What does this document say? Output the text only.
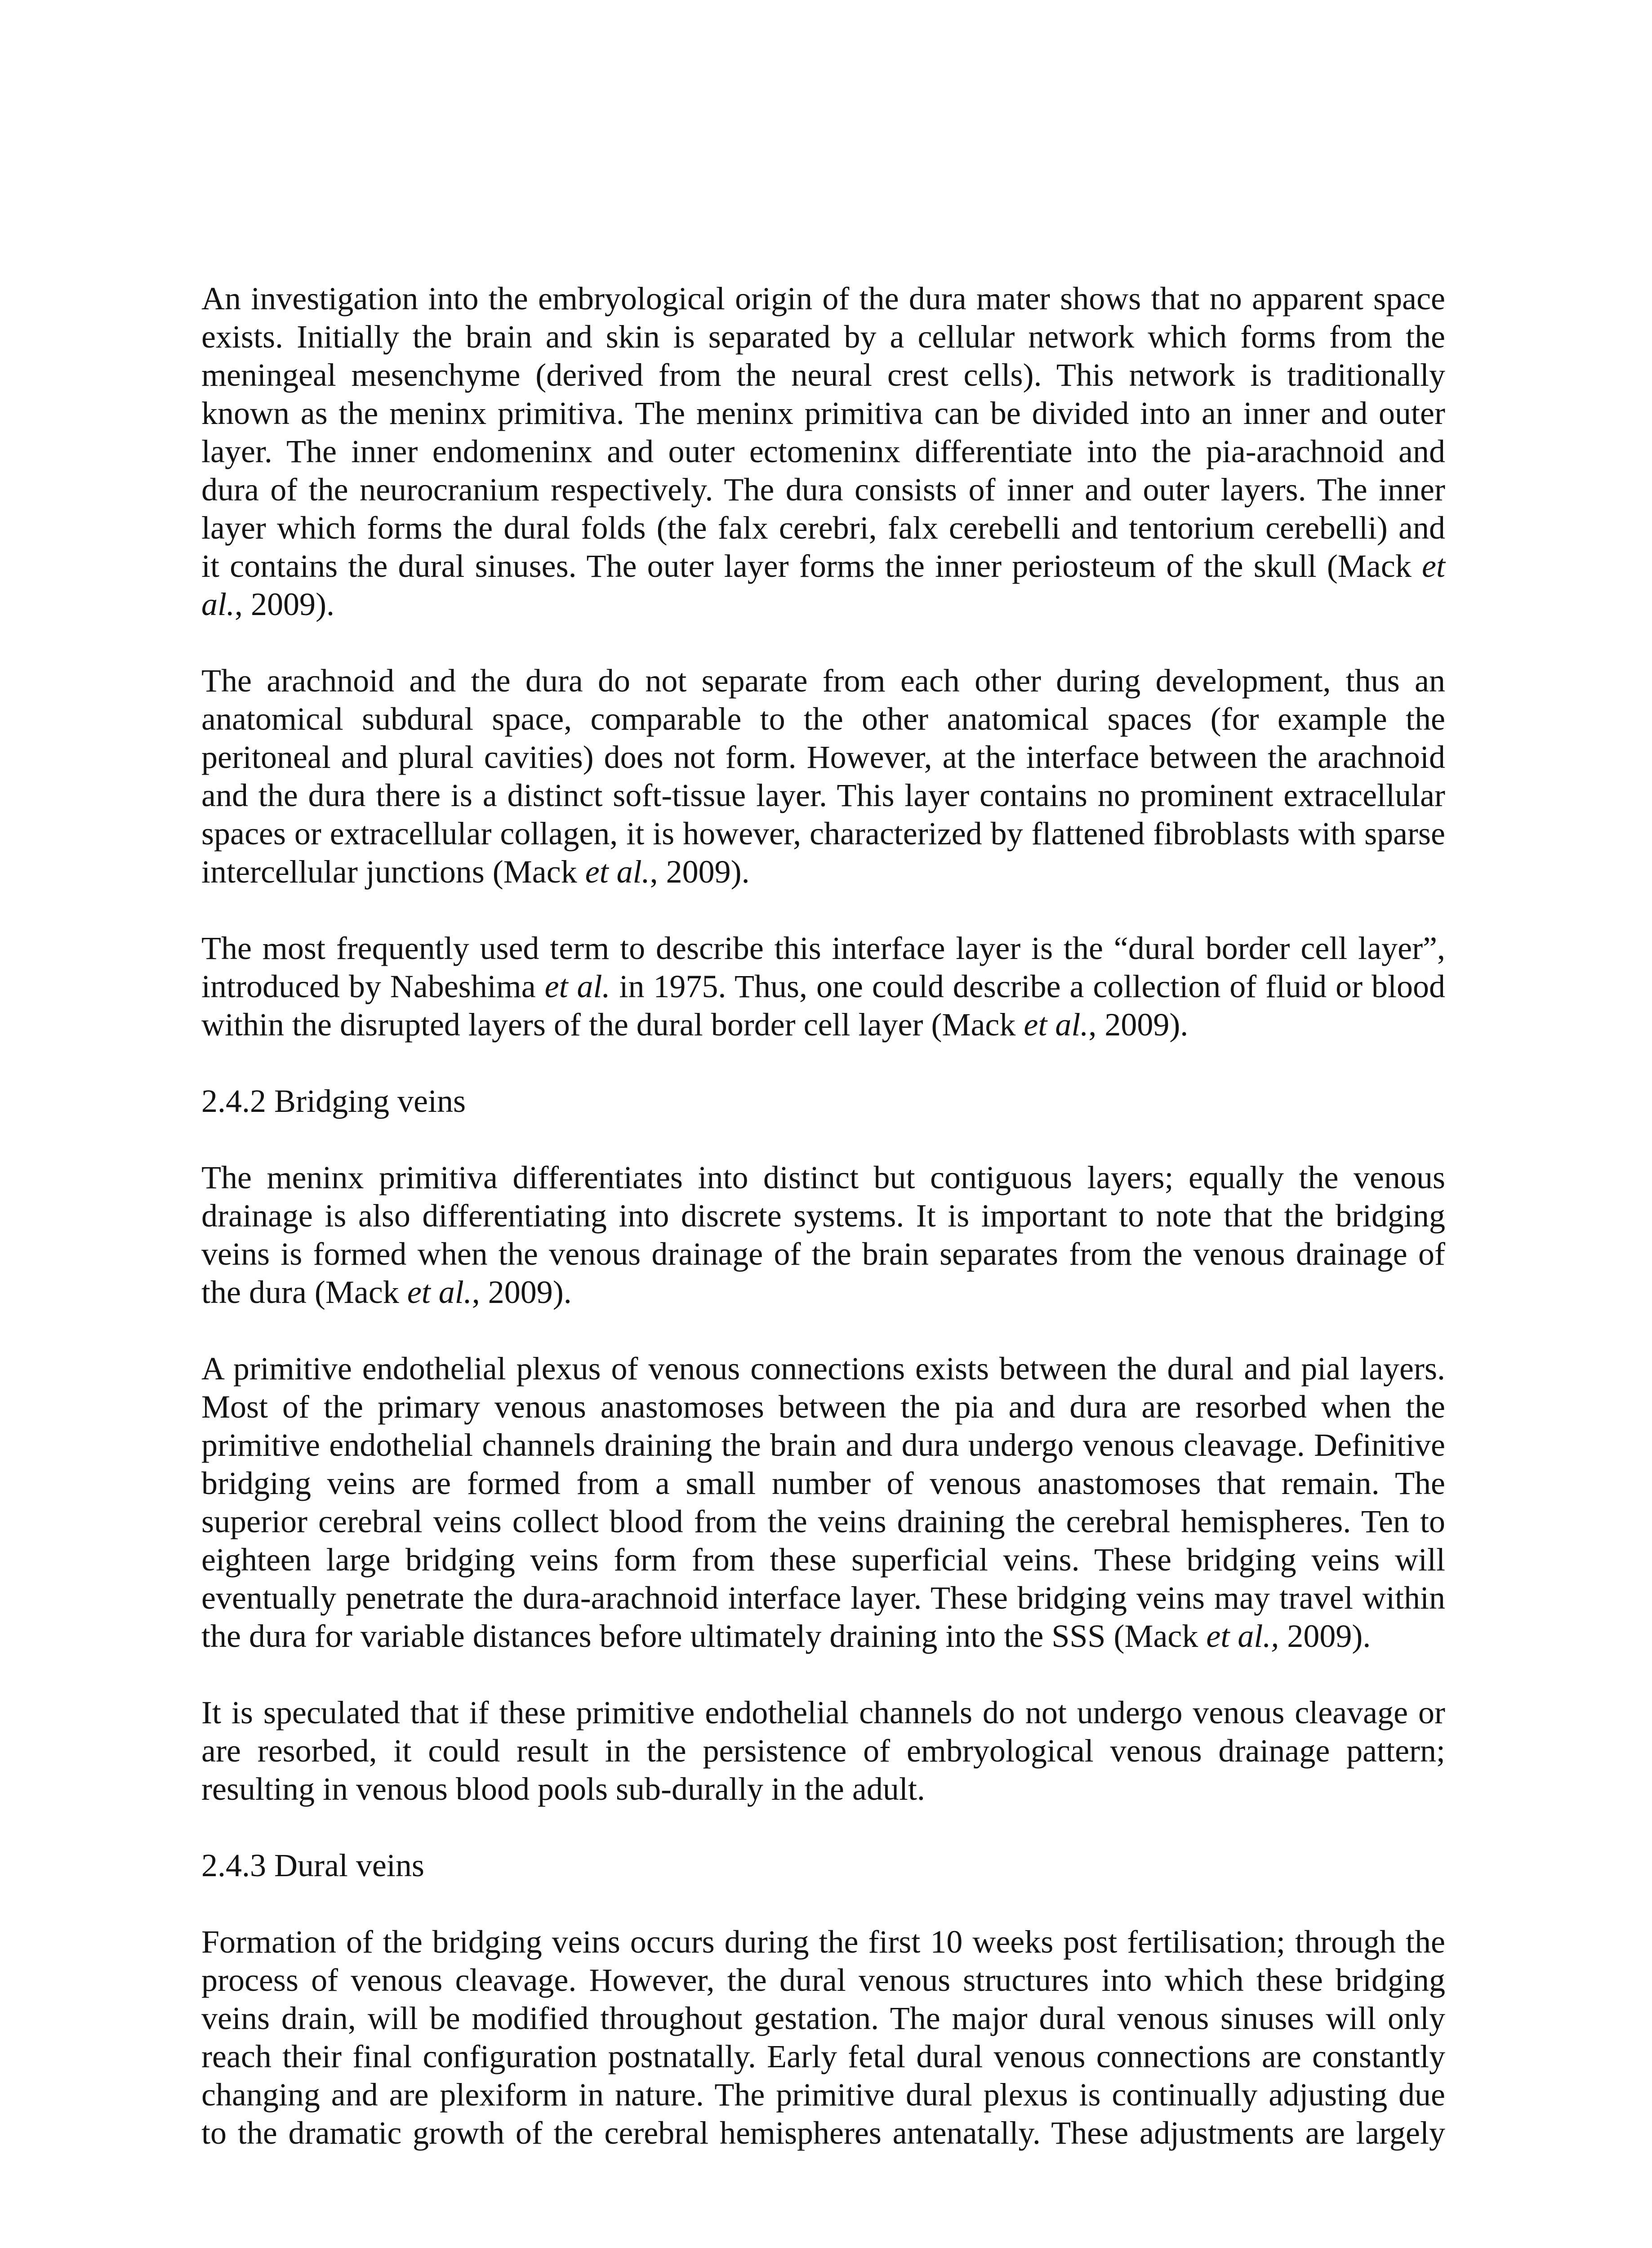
An investigation into the embryological origin of the dura mater shows that no apparent space
exists. Initially the brain and skin is separated by a cellular network which forms from the
meningeal mesenchyme (derived from the neural crest cells). This network is traditionally
known as the meninx primitiva. The meninx primitiva can be divided into an inner and outer
layer. The inner endomeninx and outer ectomeninx differentiate into the pia-arachnoid and
dura of the neurocranium respectively. The dura consists of inner and outer layers. The inner
layer which forms the dural folds (the falx cerebri, falx cerebelli and tentorium cerebelli) and
it contains the dural sinuses. The outer layer forms the inner periosteum of the skull (Mack et
al., 2009).
The arachnoid and the dura do not separate from each other during development, thus an
anatomical subdural space, comparable to the other anatomical spaces (for example the
peritoneal and plural cavities) does not form. However, at the interface between the arachnoid
and the dura there is a distinct soft-tissue layer. This layer contains no prominent extracellular
spaces or extracellular collagen, it is however, characterized by flattened fibroblasts with sparse
intercellular junctions (Mack et al., 2009).
The most frequently used term to describe this interface layer is the “dural border cell layer”,
introduced by Nabeshima et al. in 1975. Thus, one could describe a collection of fluid or blood
within the disrupted layers of the dural border cell layer (Mack et al., 2009).
2.4.2 Bridging veins
The meninx primitiva differentiates into distinct but contiguous layers; equally the venous
drainage is also differentiating into discrete systems. It is important to note that the bridging
veins is formed when the venous drainage of the brain separates from the venous drainage of
the dura (Mack et al., 2009).
A primitive endothelial plexus of venous connections exists between the dural and pial layers.
Most of the primary venous anastomoses between the pia and dura are resorbed when the
primitive endothelial channels draining the brain and dura undergo venous cleavage. Definitive
bridging veins are formed from a small number of venous anastomoses that remain. The
superior cerebral veins collect blood from the veins draining the cerebral hemispheres. Ten to
eighteen large bridging veins form from these superficial veins. These bridging veins will
eventually penetrate the dura-arachnoid interface layer. These bridging veins may travel within
the dura for variable distances before ultimately draining into the SSS (Mack et al., 2009).
It is speculated that if these primitive endothelial channels do not undergo venous cleavage or
are resorbed, it could result in the persistence of embryological venous drainage pattern;
resulting in venous blood pools sub-durally in the adult.
2.4.3 Dural veins
Formation of the bridging veins occurs during the first 10 weeks post fertilisation; through the
process of venous cleavage. However, the dural venous structures into which these bridging
veins drain, will be modified throughout gestation. The major dural venous sinuses will only
reach their final configuration postnatally. Early fetal dural venous connections are constantly
changing and are plexiform in nature. The primitive dural plexus is continually adjusting due
to the dramatic growth of the cerebral hemispheres antenatally. These adjustments are largely
